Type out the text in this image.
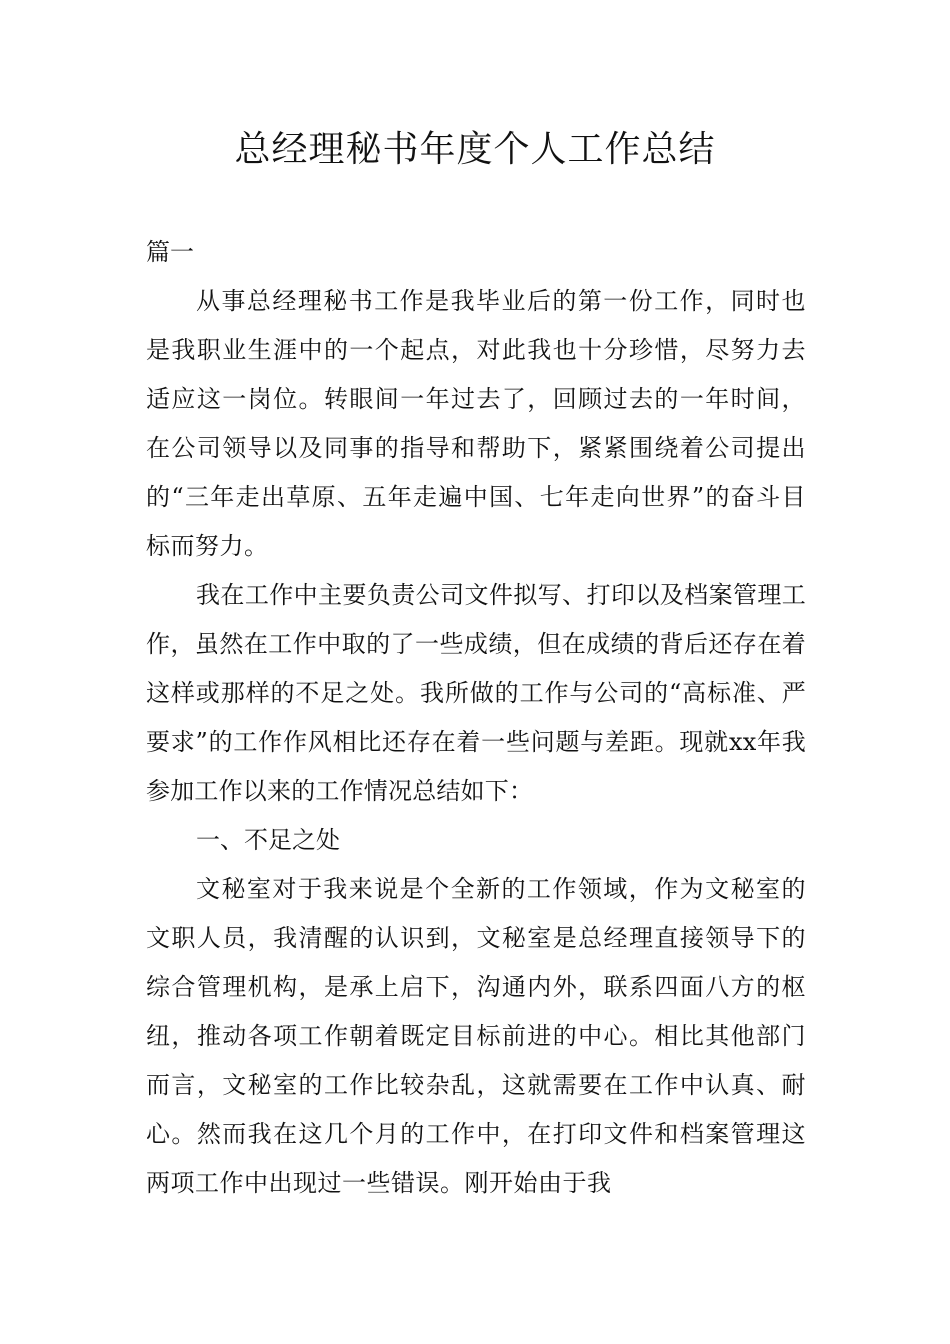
总经理秘书年度个人工作总结

篇一

从事总经理秘书工作是我毕业后的第一份工作，同时也是我职业生涯中的一个起点，对此我也十分珍惜，尽努力去适应这一岗位。转眼间一年过去了，回顾过去的一年时间，在公司领导以及同事的指导和帮助下，紧紧围绕着公司提出的“三年走出草原、五年走遍中国、七年走向世界”的奋斗目标而努力。

我在工作中主要负责公司文件拟写、打印以及档案管理工作，虽然在工作中取的了一些成绩，但在成绩的背后还存在着这样或那样的不足之处。我所做的工作与公司的“高标准、严要求”的工作作风相比还存在着一些问题与差距。现就xx年我参加工作以来的工作情况总结如下：

一、不足之处

文秘室对于我来说是个全新的工作领域，作为文秘室的文职人员，我清醒的认识到，文秘室是总经理直接领导下的综合管理机构，是承上启下，沟通内外，联系四面八方的枢纽，推动各项工作朝着既定目标前进的中心。相比其他部门而言，文秘室的工作比较杂乱，这就需要在工作中认真、耐心。然而我在这几个月的工作中，在打印文件和档案管理这两项工作中出现过一些错误。刚开始由于我
